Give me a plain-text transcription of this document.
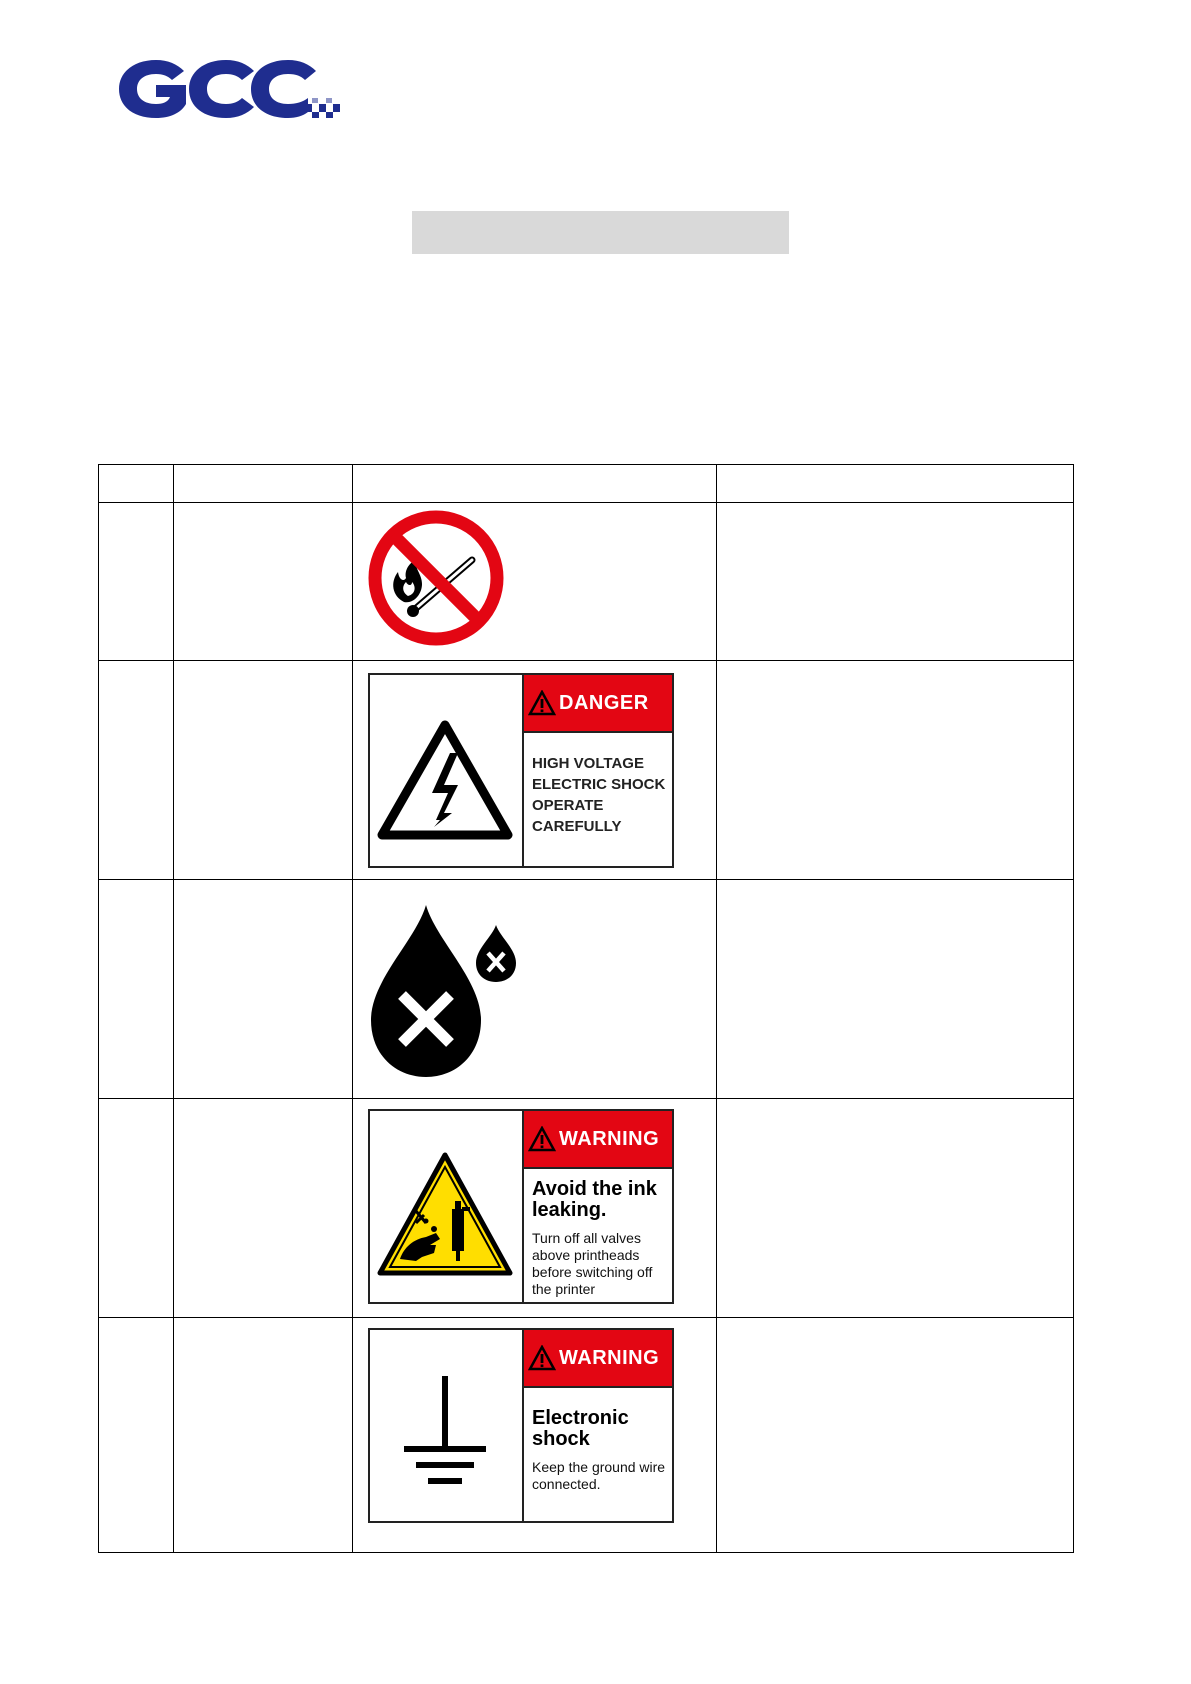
		DANGER
HIGH VOLTAGE
ELECTRIC SHOCK
OPERATE
CAREFULLY	

		WARNING
Avoid the ink leaking.
Turn off all valves above printheads before switching off the printer	

		WARNING
Electronic shock
Keep the ground wire connected.	
